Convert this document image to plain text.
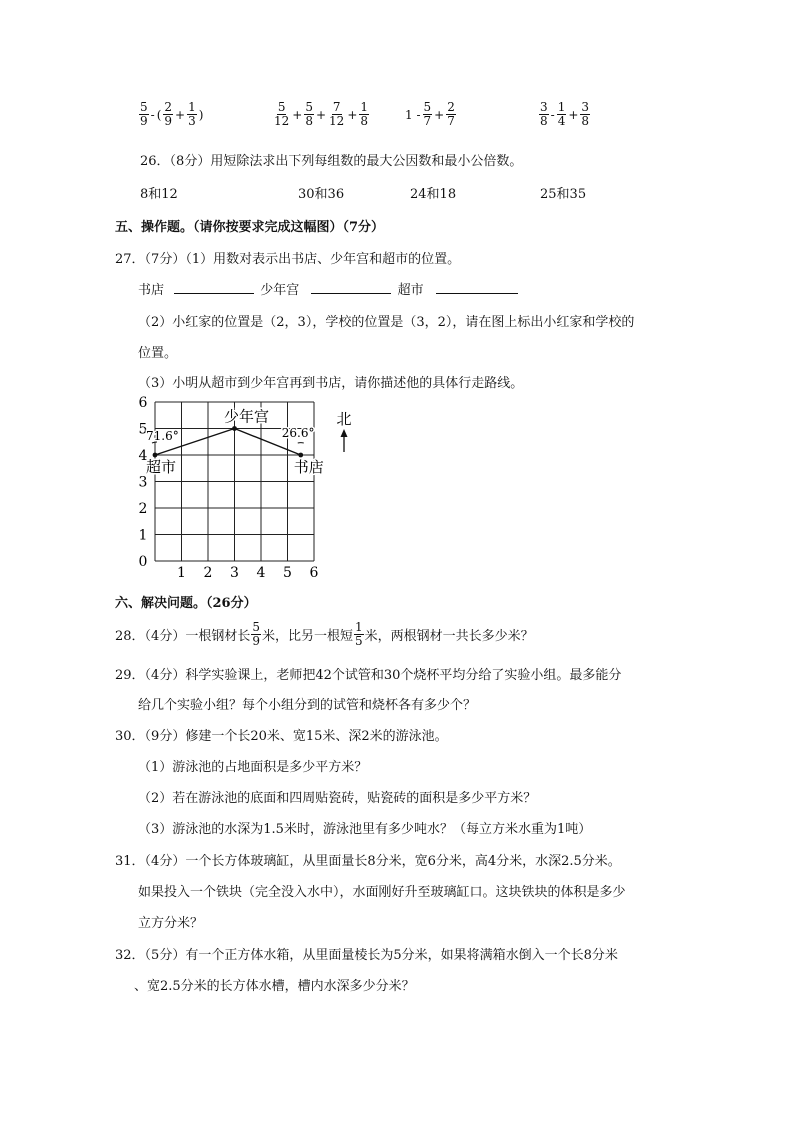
$\frac{5}{9}$ - ( $\frac{2}{9} + \frac{1}{3}$ )	$\frac{5}{12} + \frac{5}{8} + \frac{7}{12} + \frac{1}{8}$	$1 - \frac{5}{7} + \frac{2}{7}$	$\frac{3}{8} - \frac{1}{4} + \frac{3}{8}$
26．（8分）用短除法求出下列每组数的最大公因数和最小公倍数。
8和12	30和36	24和18	25和35
五、操作题。（请你按要求完成这幅图）（7分）
27．（7分）（1）用数对表示出书店、少年宫和超市的位置。
书店	少年宫	超市
（2）小红家的位置是（2，3），学校的位置是（3，2），请在图上标出小红家和学校的
位置。
（3）小明从超市到少年宫再到书店，请你描述他的具体行走路线。
1 2 3 4 5 6
0
1
2
3
4
5
6
超市
少年宫
书店
71.6°	26.6°
北
六、解决问题。（26分）
28．（4分）一根钢材长 $\frac{5}{9}$ 米，比另一根短 $\frac{1}{5}$ 米，两根钢材一共长多少米？
29．（4分）科学实验课上，老师把42个试管和30个烧杯平均分给了实验小组。最多能分
给几个实验小组？每个小组分到的试管和烧杯各有多少个？
30．（9分）修建一个长20米、宽15米、深2米的游泳池。
（1）游泳池的占地面积是多少平方米？
（2）若在游泳池的底面和四周贴瓷砖，贴瓷砖的面积是多少平方米？
（3）游泳池的水深为1.5米时，游泳池里有多少吨水？（每立方米水重为1吨）
31．（4分）一个长方体玻璃缸，从里面量长8分米，宽6分米，高4分米，水深2.5分米。
如果投入一个铁块（完全没入水中），水面刚好升至玻璃缸口。这块铁块的体积是多少
立方分米？
32．（5分）有一个正方体水箱，从里面量棱长为5分米，如果将满箱水倒入一个长8分米
、宽2.5分米的长方体水槽，槽内水深多少分米？
